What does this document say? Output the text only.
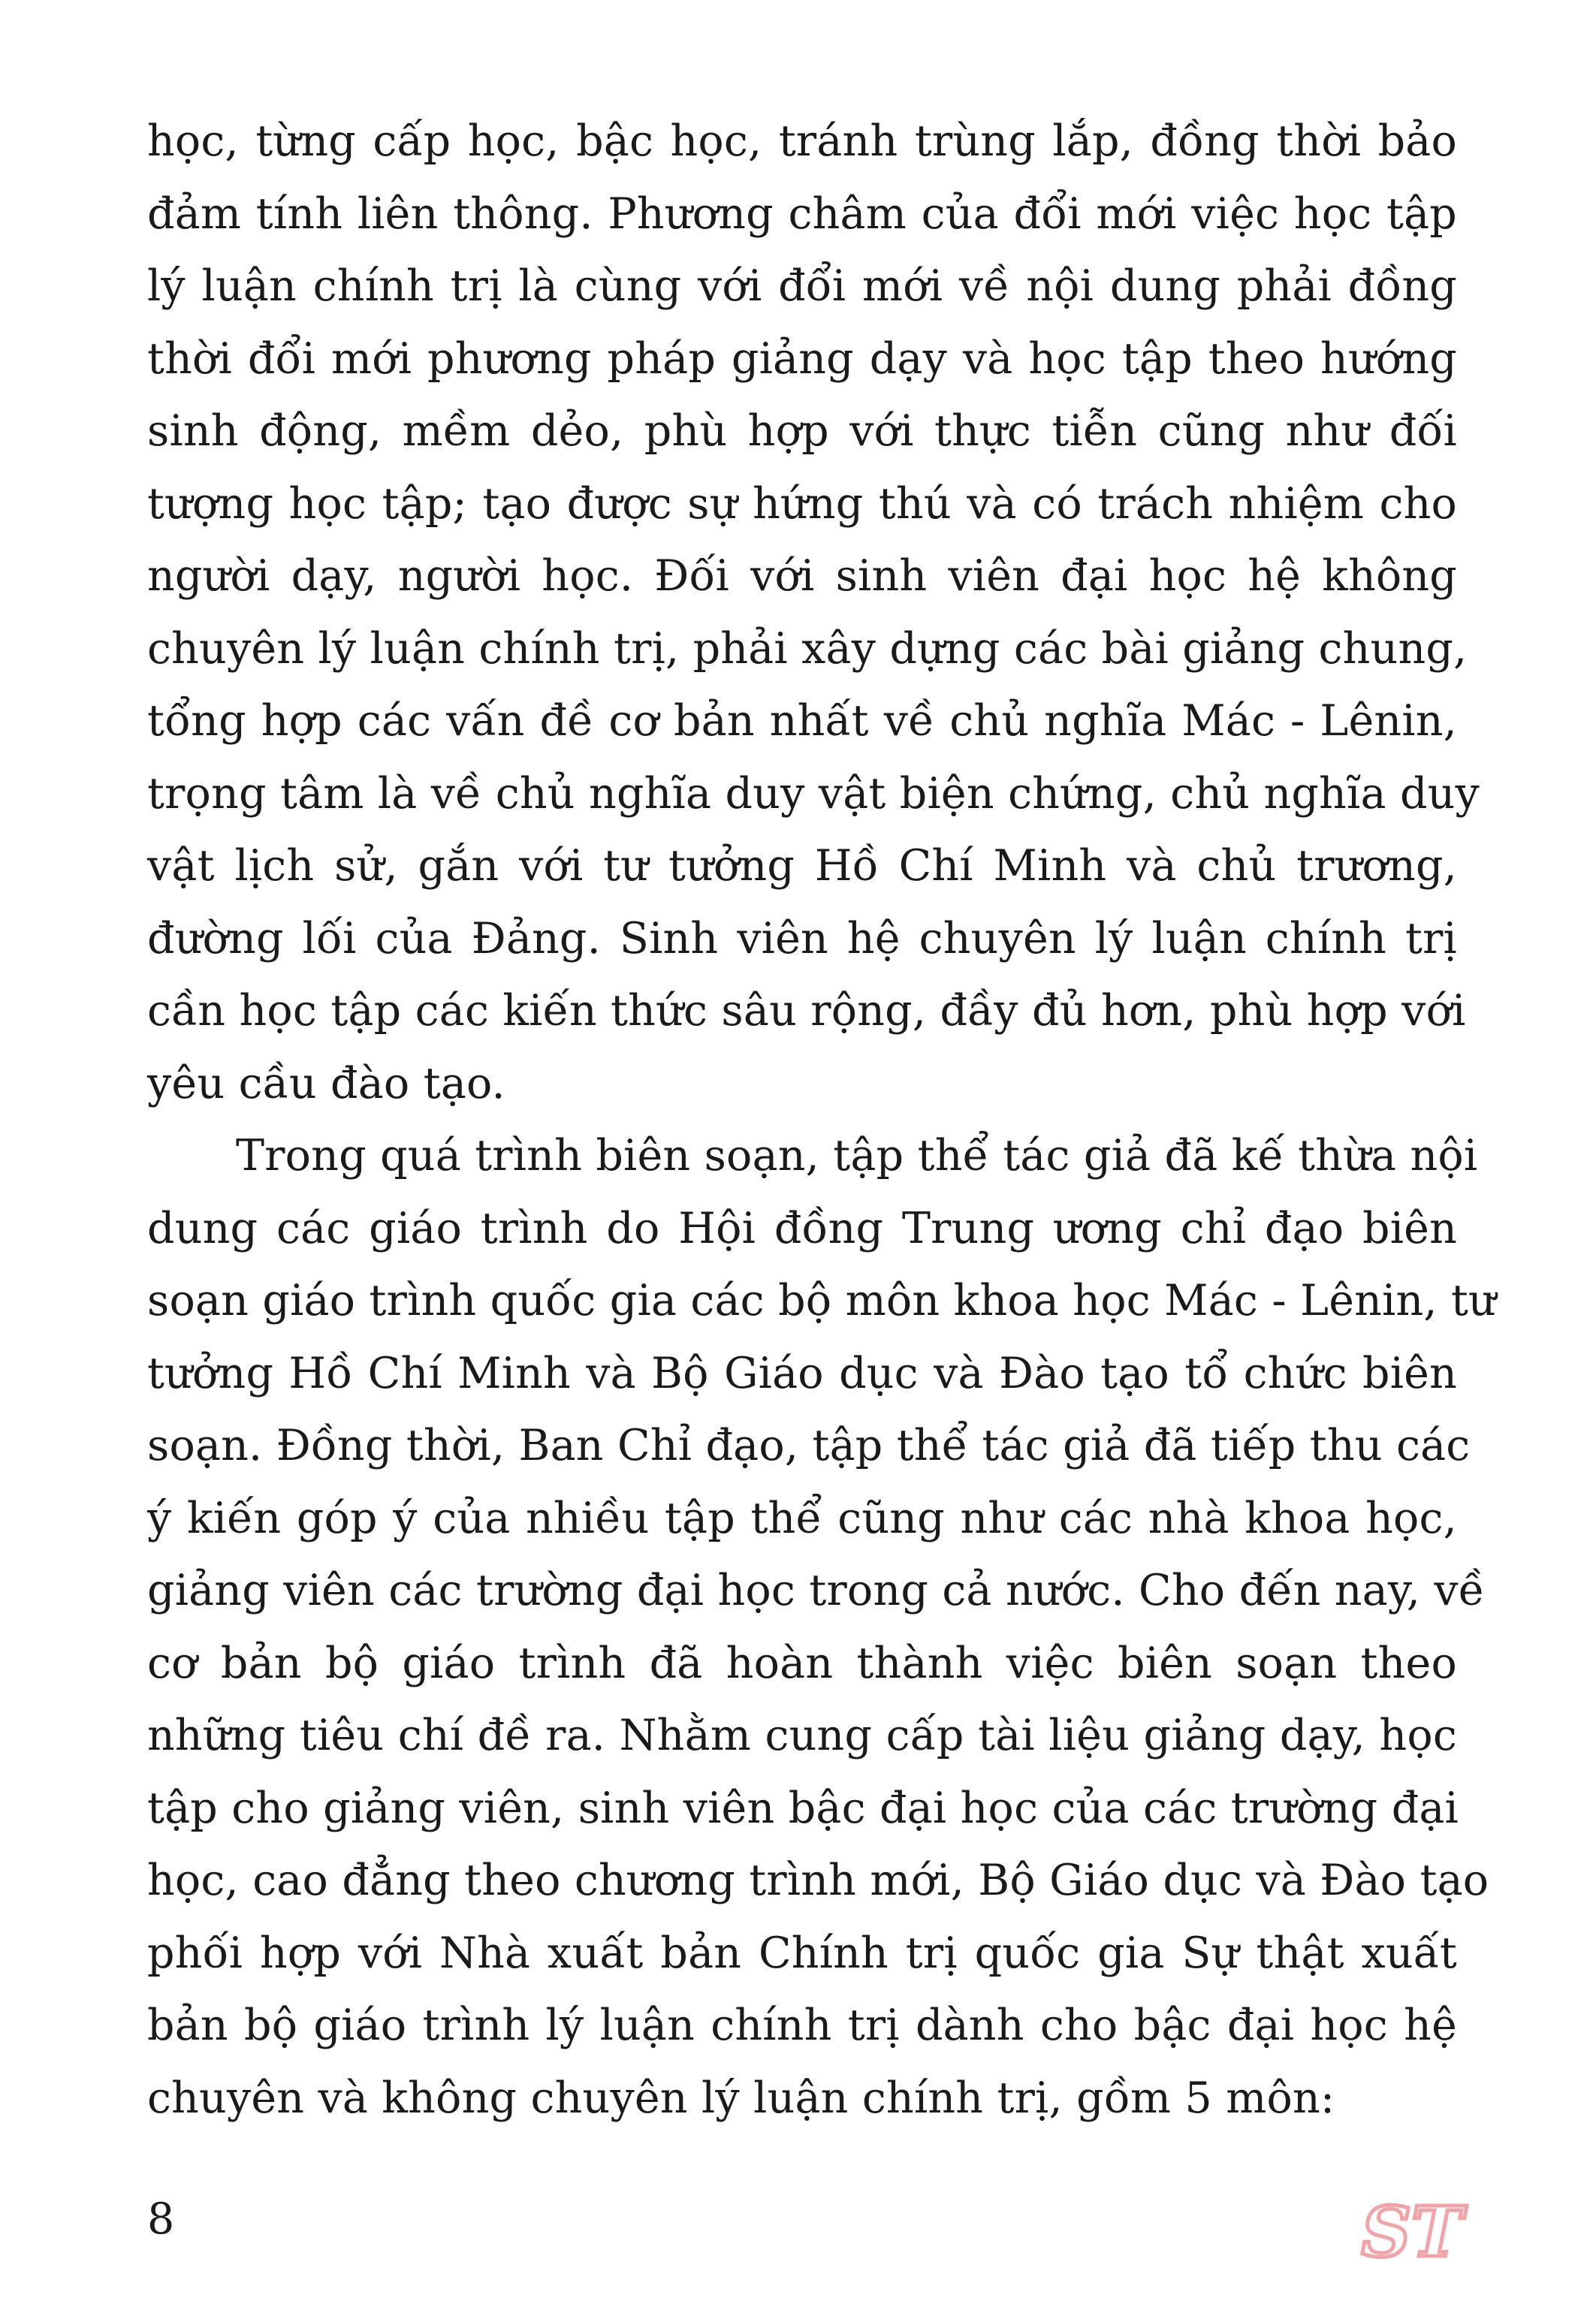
học, từng cấp học, bậc học, tránh trùng lắp, đồng thời bảo
đảm tính liên thông. Phương châm của đổi mới việc học tập
lý luận chính trị là cùng với đổi mới về nội dung phải đồng
thời đổi mới phương pháp giảng dạy và học tập theo hướng
sinh động, mềm dẻo, phù hợp với thực tiễn cũng như đối
tượng học tập; tạo được sự hứng thú và có trách nhiệm cho
người dạy, người học. Đối với sinh viên đại học hệ không
chuyên lý luận chính trị, phải xây dựng các bài giảng chung,
tổng hợp các vấn đề cơ bản nhất về chủ nghĩa Mác - Lênin,
trọng tâm là về chủ nghĩa duy vật biện chứng, chủ nghĩa duy
vật lịch sử, gắn với tư tưởng Hồ Chí Minh và chủ trương,
đường lối của Đảng. Sinh viên hệ chuyên lý luận chính trị
cần học tập các kiến thức sâu rộng, đầy đủ hơn, phù hợp với
yêu cầu đào tạo.
Trong quá trình biên soạn, tập thể tác giả đã kế thừa nội
dung các giáo trình do Hội đồng Trung ương chỉ đạo biên
soạn giáo trình quốc gia các bộ môn khoa học Mác - Lênin, tư
tưởng Hồ Chí Minh và Bộ Giáo dục và Đào tạo tổ chức biên
soạn. Đồng thời, Ban Chỉ đạo, tập thể tác giả đã tiếp thu các
ý kiến góp ý của nhiều tập thể cũng như các nhà khoa học,
giảng viên các trường đại học trong cả nước. Cho đến nay, về
cơ bản bộ giáo trình đã hoàn thành việc biên soạn theo
những tiêu chí đề ra. Nhằm cung cấp tài liệu giảng dạy, học
tập cho giảng viên, sinh viên bậc đại học của các trường đại
học, cao đẳng theo chương trình mới, Bộ Giáo dục và Đào tạo
phối hợp với Nhà xuất bản Chính trị quốc gia Sự thật xuất
bản bộ giáo trình lý luận chính trị dành cho bậc đại học hệ
chuyên và không chuyên lý luận chính trị, gồm 5 môn:
8	ST
